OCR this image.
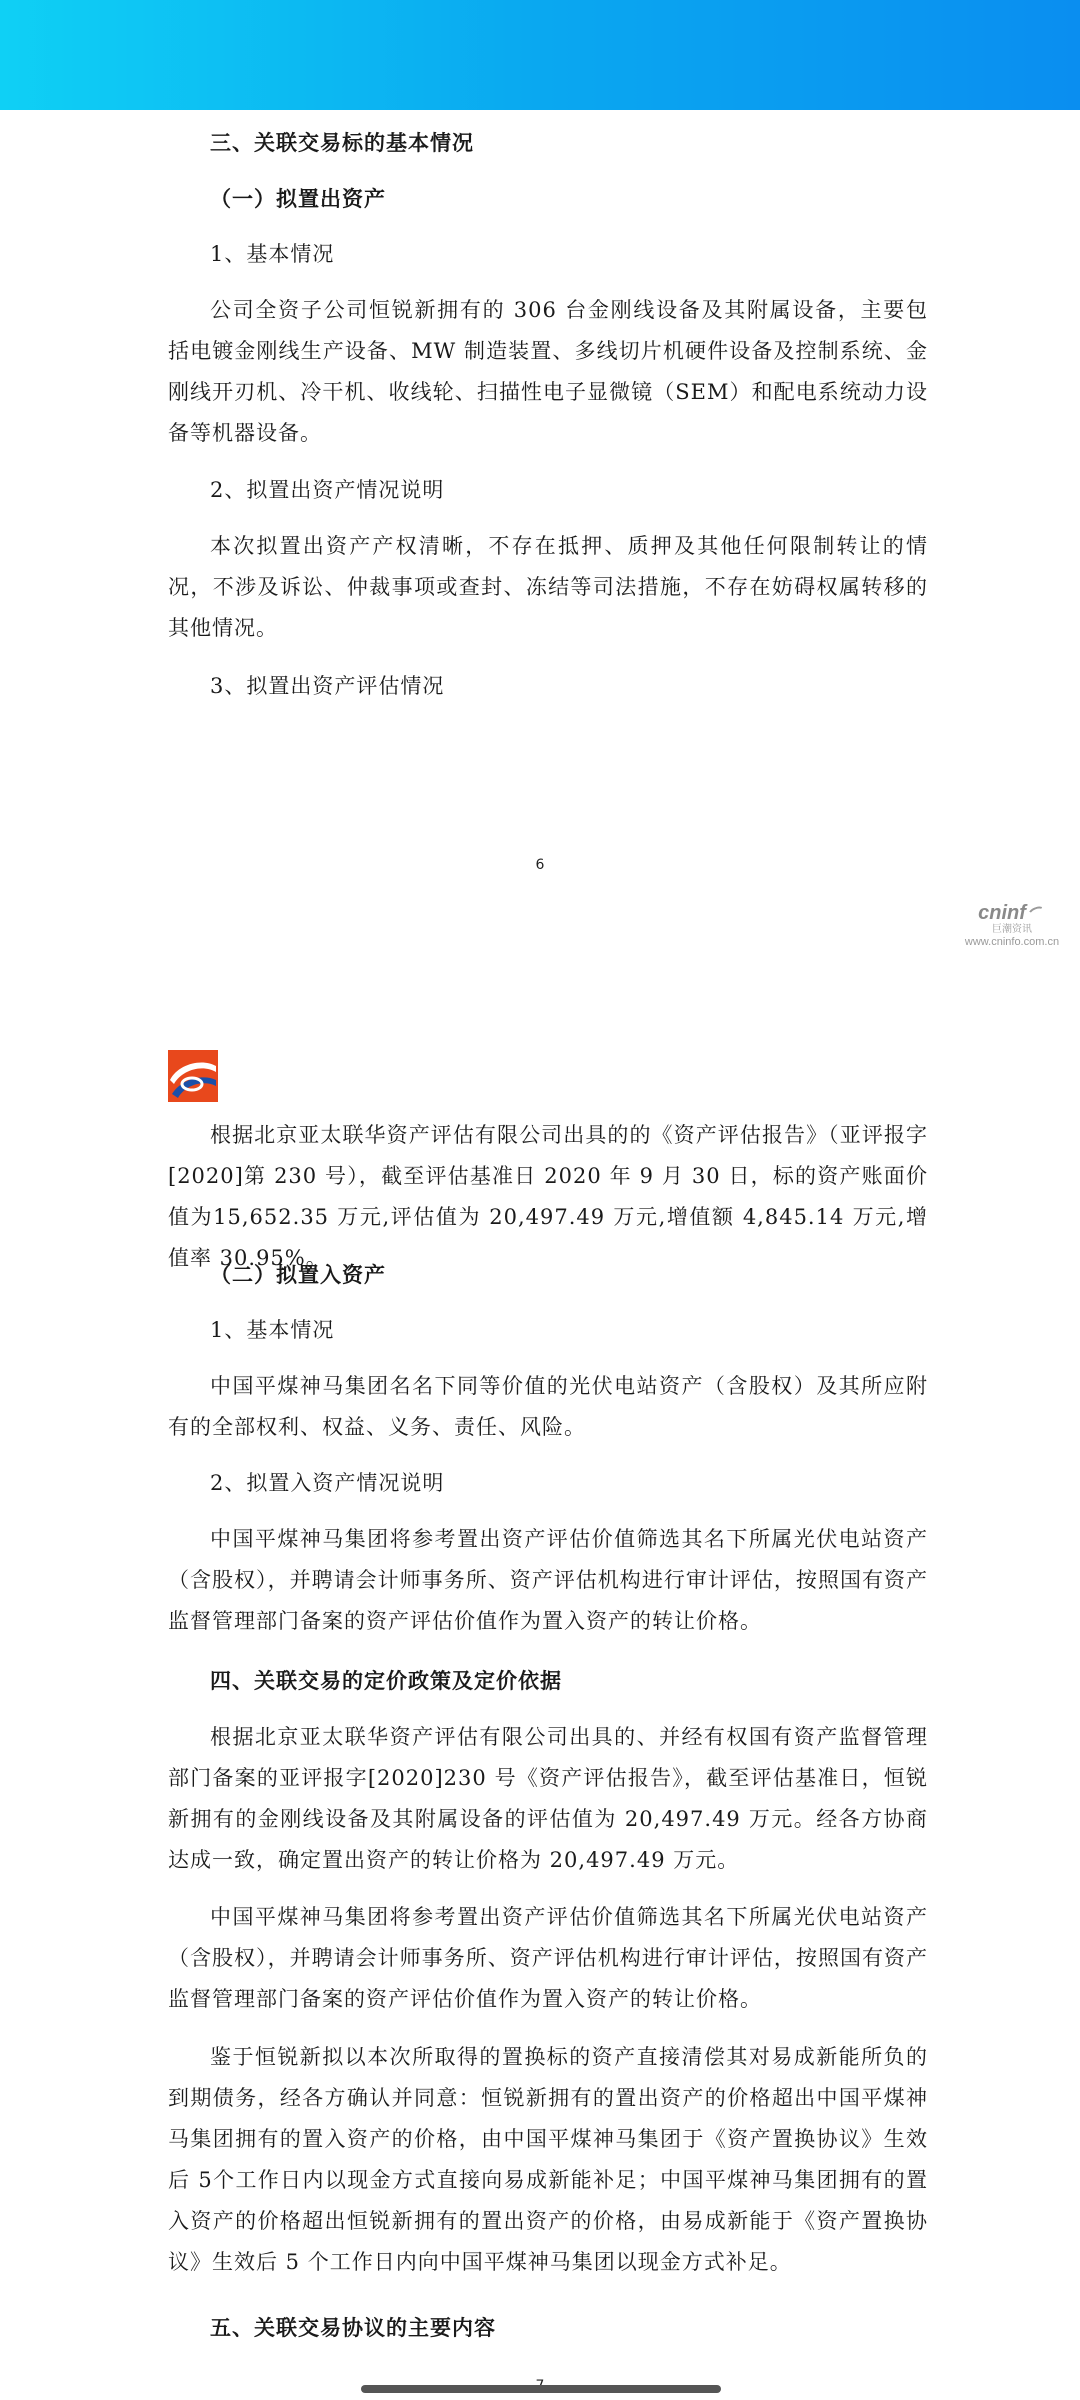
三、关联交易标的基本情况

（一）拟置出资产

1、基本情况

公司全资子公司恒锐新拥有的 306 台金刚线设备及其附属设备，主要包括电镀金刚线生产设备、MW 制造装置、多线切片机硬件设备及控制系统、金刚线开刃机、冷干机、收线轮、扫描性电子显微镜（SEM）和配电系统动力设备等机器设备。

2、拟置出资产情况说明

本次拟置出资产产权清晰，不存在抵押、质押及其他任何限制转让的情况，不涉及诉讼、仲裁事项或查封、冻结等司法措施，不存在妨碍权属转移的其他情况。

3、拟置出资产评估情况

6
cninf
巨潮资讯
www.cninfo.com.cn

根据北京亚太联华资产评估有限公司出具的的《资产评估报告》（亚评报字[2020]第 230 号），截至评估基准日 2020 年 9 月 30 日，标的资产账面价值为15,652.35 万元,评估值为 20,497.49 万元,增值额 4,845.14 万元,增值率 30.95%。

（二）拟置入资产

1、基本情况

中国平煤神马集团名名下同等价值的光伏电站资产（含股权）及其所应附有的全部权利、权益、义务、责任、风险。

2、拟置入资产情况说明

中国平煤神马集团将参考置出资产评估价值筛选其名下所属光伏电站资产（含股权），并聘请会计师事务所、资产评估机构进行审计评估，按照国有资产监督管理部门备案的资产评估价值作为置入资产的转让价格。

四、关联交易的定价政策及定价依据

根据北京亚太联华资产评估有限公司出具的、并经有权国有资产监督管理部门备案的亚评报字[2020]230 号《资产评估报告》，截至评估基准日，恒锐新拥有的金刚线设备及其附属设备的评估值为 20,497.49 万元。经各方协商达成一致，确定置出资产的转让价格为 20,497.49 万元。

中国平煤神马集团将参考置出资产评估价值筛选其名下所属光伏电站资产（含股权），并聘请会计师事务所、资产评估机构进行审计评估，按照国有资产监督管理部门备案的资产评估价值作为置入资产的转让价格。

鉴于恒锐新拟以本次所取得的置换标的资产直接清偿其对易成新能所负的到期债务，经各方确认并同意：恒锐新拥有的置出资产的价格超出中国平煤神马集团拥有的置入资产的价格，由中国平煤神马集团于《资产置换协议》生效后 5个工作日内以现金方式直接向易成新能补足；中国平煤神马集团拥有的置入资产的价格超出恒锐新拥有的置出资产的价格，由易成新能于《资产置换协议》生效后 5 个工作日内向中国平煤神马集团以现金方式补足。

五、关联交易协议的主要内容
